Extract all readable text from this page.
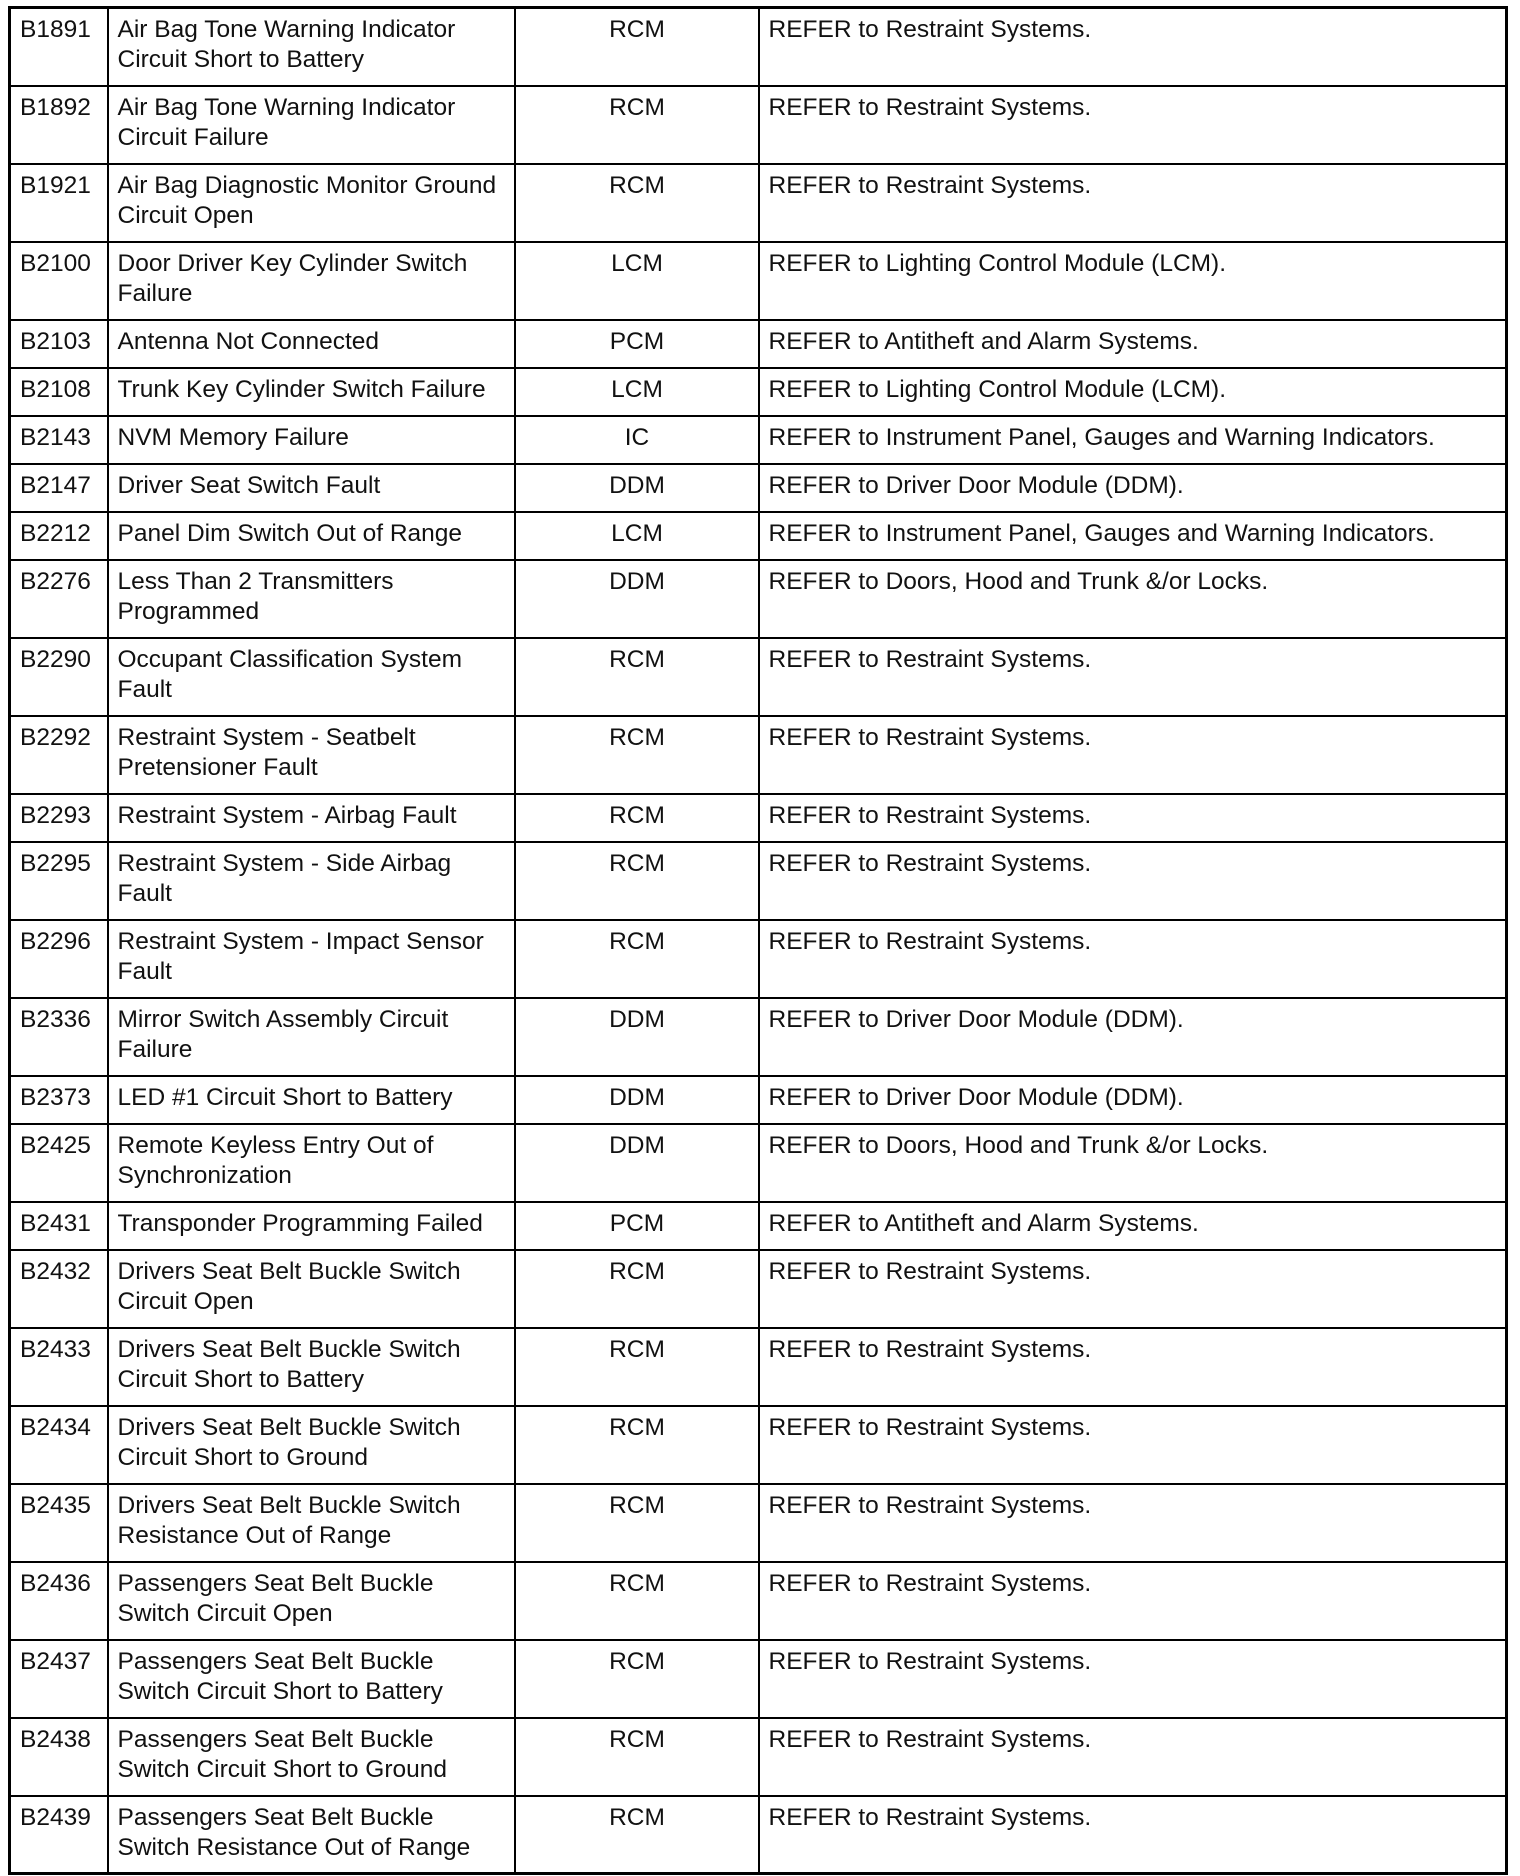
B1891	Air Bag Tone Warning Indicator Circuit Short to Battery	RCM	REFER to Restraint Systems.
B1892	Air Bag Tone Warning Indicator Circuit Failure	RCM	REFER to Restraint Systems.
B1921	Air Bag Diagnostic Monitor Ground Circuit Open	RCM	REFER to Restraint Systems.
B2100	Door Driver Key Cylinder Switch Failure	LCM	REFER to Lighting Control Module (LCM).
B2103	Antenna Not Connected	PCM	REFER to Antitheft and Alarm Systems.
B2108	Trunk Key Cylinder Switch Failure	LCM	REFER to Lighting Control Module (LCM).
B2143	NVM Memory Failure	IC	REFER to Instrument Panel, Gauges and Warning Indicators.
B2147	Driver Seat Switch Fault	DDM	REFER to Driver Door Module (DDM).
B2212	Panel Dim Switch Out of Range	LCM	REFER to Instrument Panel, Gauges and Warning Indicators.
B2276	Less Than 2 Transmitters Programmed	DDM	REFER to Doors, Hood and Trunk &/or Locks.
B2290	Occupant Classification System Fault	RCM	REFER to Restraint Systems.
B2292	Restraint System - Seatbelt Pretensioner Fault	RCM	REFER to Restraint Systems.
B2293	Restraint System - Airbag Fault	RCM	REFER to Restraint Systems.
B2295	Restraint System - Side Airbag Fault	RCM	REFER to Restraint Systems.
B2296	Restraint System - Impact Sensor Fault	RCM	REFER to Restraint Systems.
B2336	Mirror Switch Assembly Circuit Failure	DDM	REFER to Driver Door Module (DDM).
B2373	LED #1 Circuit Short to Battery	DDM	REFER to Driver Door Module (DDM).
B2425	Remote Keyless Entry Out of Synchronization	DDM	REFER to Doors, Hood and Trunk &/or Locks.
B2431	Transponder Programming Failed	PCM	REFER to Antitheft and Alarm Systems.
B2432	Drivers Seat Belt Buckle Switch Circuit Open	RCM	REFER to Restraint Systems.
B2433	Drivers Seat Belt Buckle Switch Circuit Short to Battery	RCM	REFER to Restraint Systems.
B2434	Drivers Seat Belt Buckle Switch Circuit Short to Ground	RCM	REFER to Restraint Systems.
B2435	Drivers Seat Belt Buckle Switch Resistance Out of Range	RCM	REFER to Restraint Systems.
B2436	Passengers Seat Belt Buckle Switch Circuit Open	RCM	REFER to Restraint Systems.
B2437	Passengers Seat Belt Buckle Switch Circuit Short to Battery	RCM	REFER to Restraint Systems.
B2438	Passengers Seat Belt Buckle Switch Circuit Short to Ground	RCM	REFER to Restraint Systems.
B2439	Passengers Seat Belt Buckle Switch Resistance Out of Range	RCM	REFER to Restraint Systems.
